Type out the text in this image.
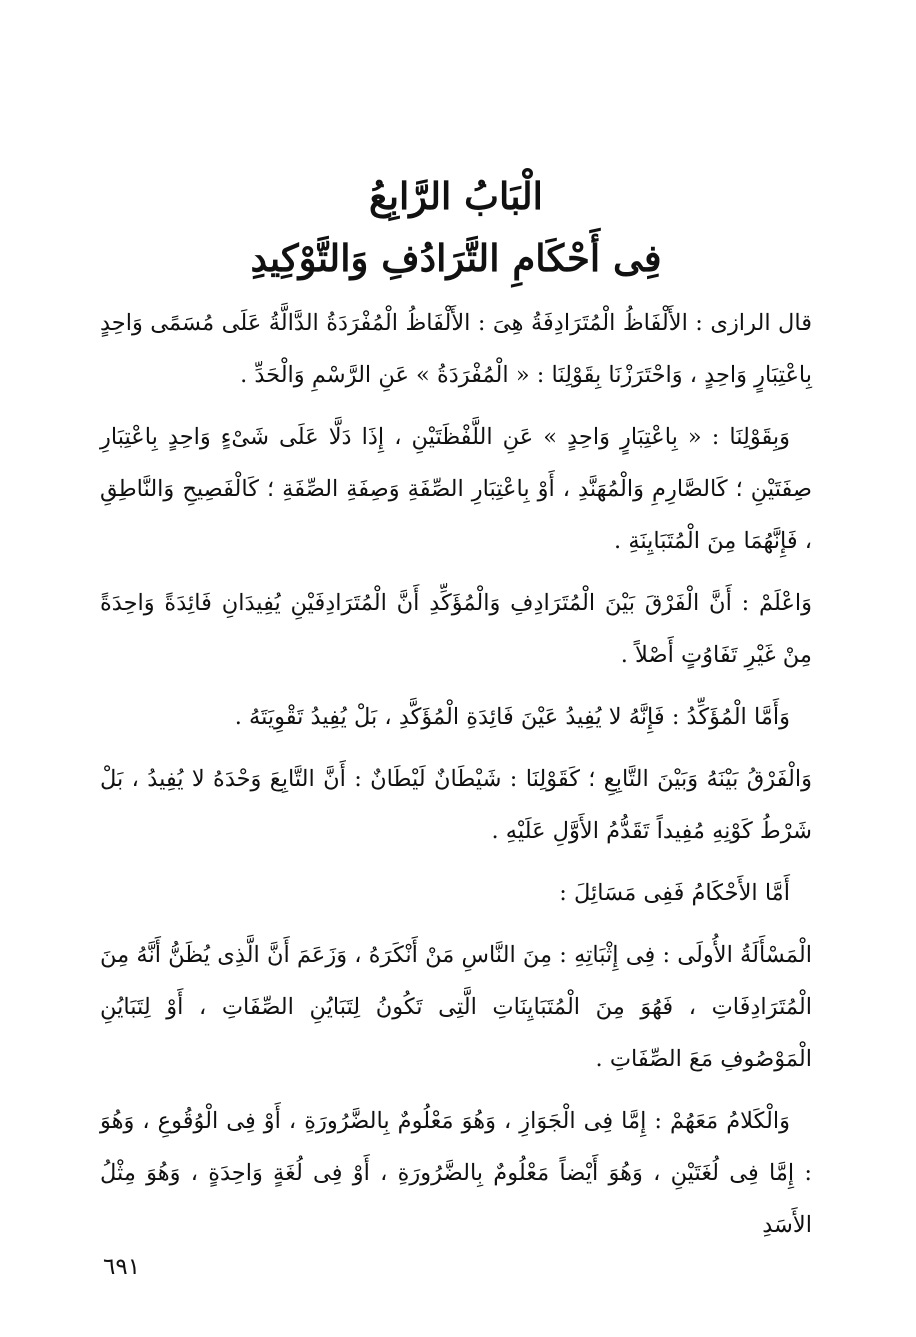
الْبَابُ الرَّابِعُ
فِى أَحْكَامِ التَّرَادُفِ وَالتَّوْكِيدِ

قال الرازى : الأَلْفَاظُ الْمُتَرَادِفَةُ هِىَ : الأَلْفَاظُ الْمُفْرَدَةُ الدَّالَّةُ عَلَى مُسَمًى وَاحِدٍ بِاعْتِبَارٍ وَاحِدٍ ، وَاحْتَرَزْنَا بِقَوْلِنَا : « الْمُفْرَدَةُ » عَنِ الرَّسْمِ وَالْحَدِّ .

وَبِقَوْلِنَا : « بِاعْتِبَارٍ وَاحِدٍ » عَنِ اللَّفْظَتَيْنِ ، إِذَا دَلَّا عَلَى شَىْءٍ وَاحِدٍ بِاعْتِبَارِ صِفَتَيْنِ ؛ كَالصَّارِمِ وَالْمُهَنَّدِ ، أَوْ بِاعْتِبَارِ الصِّفَةِ وَصِفَةِ الصِّفَةِ ؛ كَالْفَصِيحِ وَالنَّاطِقِ ، فَإِنَّهُمَا مِنَ الْمُتَبَايِنَةِ .

وَاعْلَمْ : أَنَّ الْفَرْقَ بَيْنَ الْمُتَرَادِفِ وَالْمُؤَكِّدِ أَنَّ الْمُتَرَادِفَيْنِ يُفِيدَانِ فَائِدَةً وَاحِدَةً مِنْ غَيْرِ تَفَاوُتٍ أَصْلاً .

وَأَمَّا الْمُؤَكِّدُ : فَإِنَّهُ لا يُفِيدُ عَيْنَ فَائِدَةِ الْمُؤَكَّدِ ، بَلْ يُفِيدُ تَقْوِيَتَهُ .

وَالْفَرْقُ بَيْنَهُ وَبَيْنَ التَّابِعِ ؛ كَقَوْلِنَا : شَيْطَانٌ لَيْطَانٌ : أَنَّ التَّابِعَ وَحْدَهُ لا يُفِيدُ ، بَلْ شَرْطُ كَوْنِهِ مُفِيداً تَقَدُّمُ الأَوَّلِ عَلَيْهِ .

أَمَّا الأَحْكَامُ فَفِى مَسَائِلَ :

الْمَسْأَلَةُ الأُولَى : فِى إِثْبَاتِهِ : مِنَ النَّاسِ مَنْ أَنْكَرَهُ ، وَزَعَمَ أَنَّ الَّذِى يُظَنُّ أَنَّهُ مِنَ الْمُتَرَادِفَاتِ ، فَهُوَ مِنَ الْمُتَبَايِنَاتِ الَّتِى تَكُونُ لِتَبَايُنِ الصِّفَاتِ ، أَوْ لِتَبَايُنِ الْمَوْصُوفِ مَعَ الصِّفَاتِ .

وَالْكَلامُ مَعَهُمْ : إِمَّا فِى الْجَوَازِ ، وَهُوَ مَعْلُومٌ بِالضَّرُورَةِ ، أَوْ فِى الْوُقُوعِ ، وَهُوَ : إِمَّا فِى لُغَتَيْنِ ، وَهُوَ أَيْضاً مَعْلُومٌ بِالضَّرُورَةِ ، أَوْ فِى لُغَةٍ وَاحِدَةٍ ، وَهُوَ مِثْلُ الأَسَدِ

٦٩١
